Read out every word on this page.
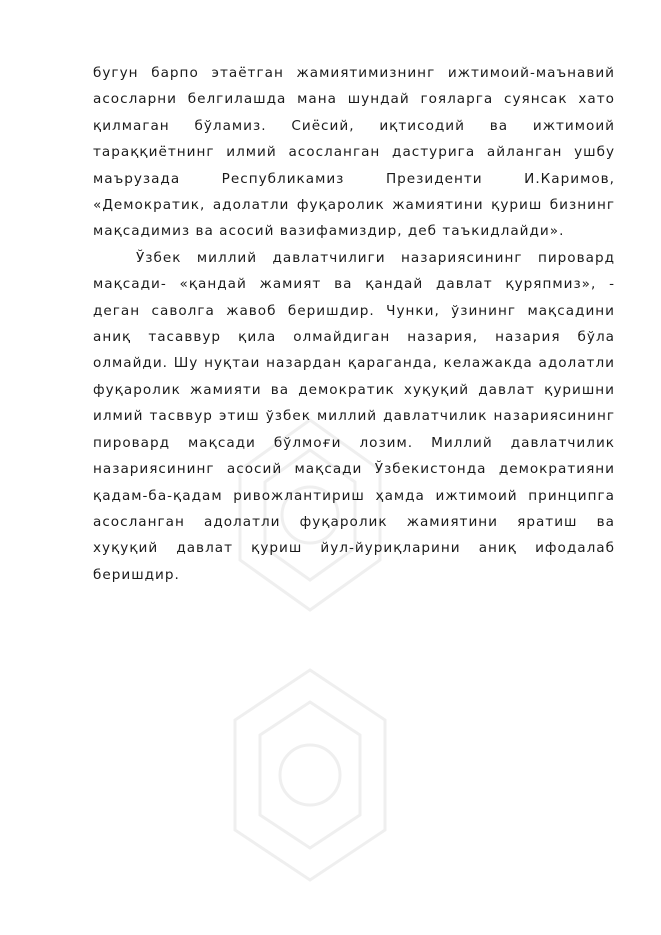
бугун барпо этаётган жамиятимизнинг ижтимоий-маънавий асосларни белгилашда мана шундай гояларга суянсак хато қилмаган бўламиз. Сиёсий, иқтисодий ва ижтимоий тараққиётнинг илмий асосланган дастурига айланган ушбу маърузада Республикамиз Президенти И.Каримов, «Демократик, адолатли фуқаролик жамиятини қуриш бизнинг мақсадимиз ва асосий вазифамиздир, деб таъкидлайди».

Ўзбек миллий давлатчилиги назариясининг пировард мақсади- «қандай жамият ва қандай давлат қуряпмиз», - деган саволга жавоб беришдир. Чунки, ўзининг мақсадини аниқ тасаввур қила олмайдиган назария, назария бўла олмайди. Шу нуқтаи назардан қараганда, келажакда адолатли фуқаролик жамияти ва демократик хуқуқий давлат қуришни илмий тасввур этиш ўзбек миллий давлатчилик назариясининг пировард мақсади бўлмоғи лозим. Миллий давлатчилик назариясининг асосий мақсади Ўзбекистонда демократияни қадам-ба-қадам ривожлантириш ҳамда ижтимоий принципга асосланган адолатли фуқаролик жамиятини яратиш ва хуқуқий давлат қуриш йул-йуриқларини аниқ ифодалаб беришдир.
